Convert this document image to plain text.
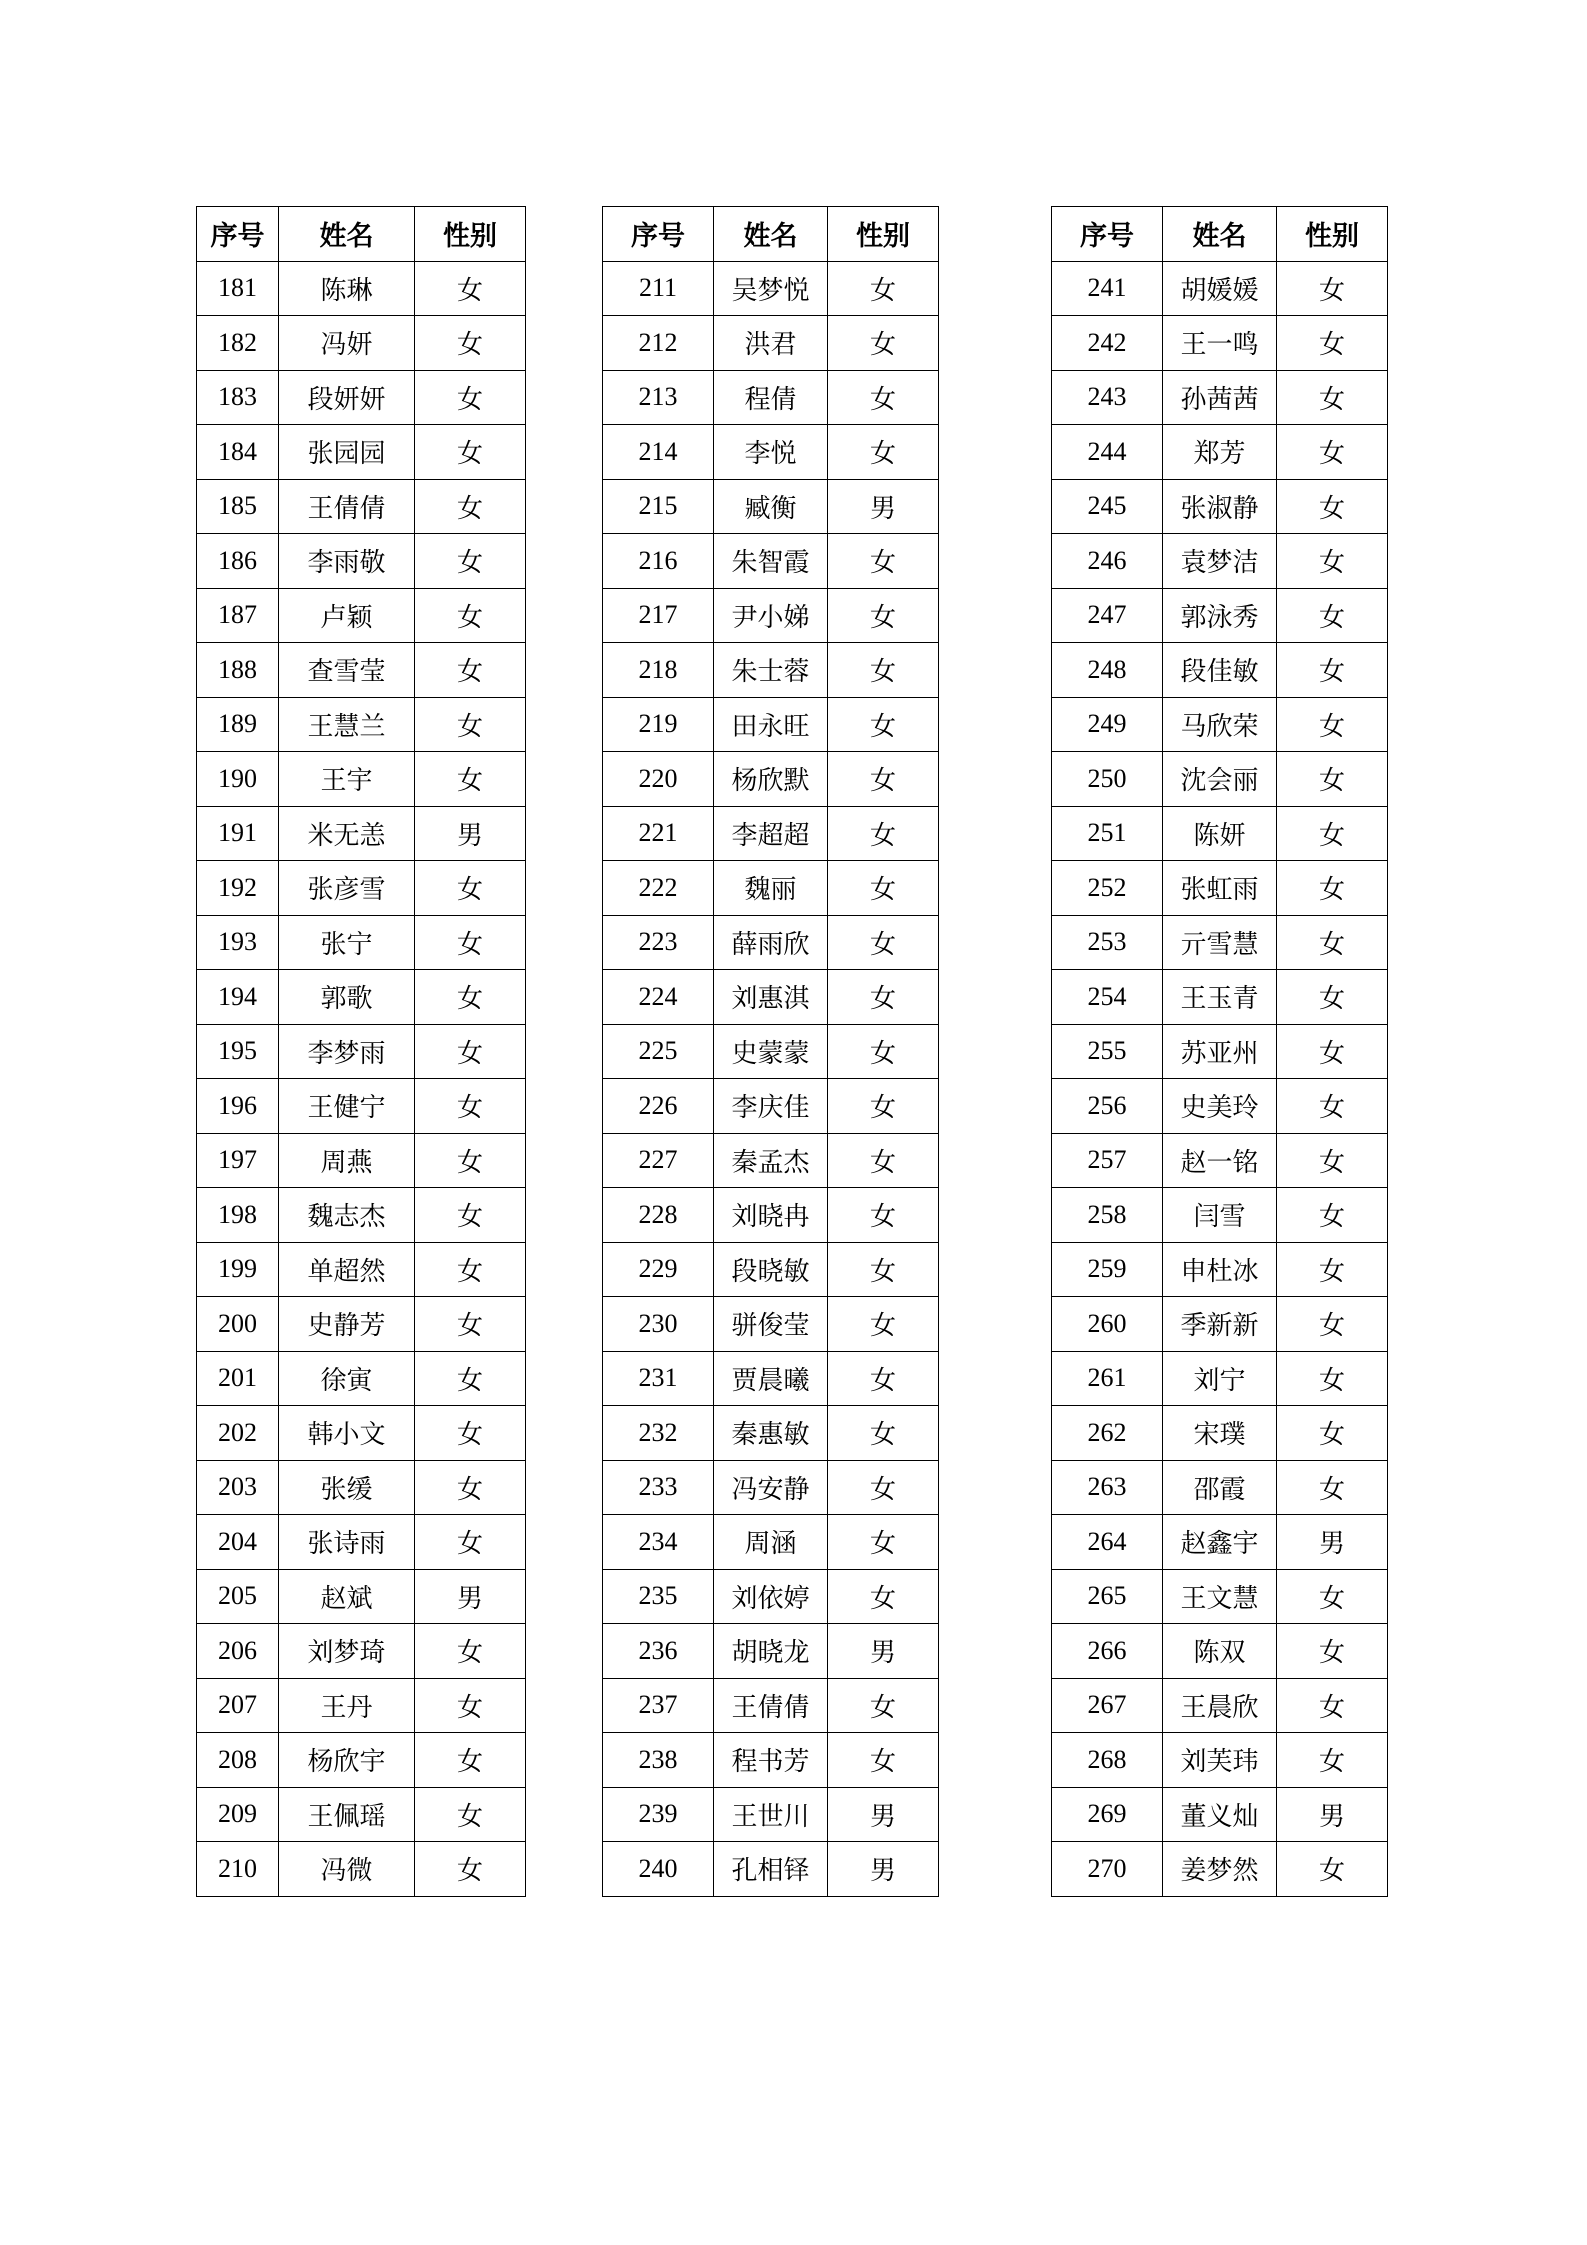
序号	姓名	性别
181	陈琳	女
182	冯妍	女
183	段妍妍	女
184	张园园	女
185	王倩倩	女
186	李雨敬	女
187	卢颖	女
188	查雪莹	女
189	王慧兰	女
190	王宇	女
191	米无恙	男
192	张彦雪	女
193	张宁	女
194	郭歌	女
195	李梦雨	女
196	王健宁	女
197	周燕	女
198	魏志杰	女
199	单超然	女
200	史静芳	女
201	徐寅	女
202	韩小文	女
203	张缓	女
204	张诗雨	女
205	赵斌	男
206	刘梦琦	女
207	王丹	女
208	杨欣宇	女
209	王佩瑶	女
210	冯微	女
序号	姓名	性别
211	吴梦悦	女
212	洪君	女
213	程倩	女
214	李悦	女
215	臧衡	男
216	朱智霞	女
217	尹小娣	女
218	朱士蓉	女
219	田永旺	女
220	杨欣默	女
221	李超超	女
222	魏丽	女
223	薛雨欣	女
224	刘惠淇	女
225	史蒙蒙	女
226	李庆佳	女
227	秦孟杰	女
228	刘晓冉	女
229	段晓敏	女
230	骈俊莹	女
231	贾晨曦	女
232	秦惠敏	女
233	冯安静	女
234	周涵	女
235	刘依婷	女
236	胡晓龙	男
237	王倩倩	女
238	程书芳	女
239	王世川	男
240	孔相铎	男
序号	姓名	性别
241	胡媛媛	女
242	王一鸣	女
243	孙茜茜	女
244	郑芳	女
245	张淑静	女
246	袁梦洁	女
247	郭泳秀	女
248	段佳敏	女
249	马欣荣	女
250	沈会丽	女
251	陈妍	女
252	张虹雨	女
253	亓雪慧	女
254	王玉青	女
255	苏亚州	女
256	史美玲	女
257	赵一铭	女
258	闫雪	女
259	申杜冰	女
260	季新新	女
261	刘宁	女
262	宋璞	女
263	邵霞	女
264	赵鑫宇	男
265	王文慧	女
266	陈双	女
267	王晨欣	女
268	刘芙玮	女
269	董义灿	男
270	姜梦然	女
